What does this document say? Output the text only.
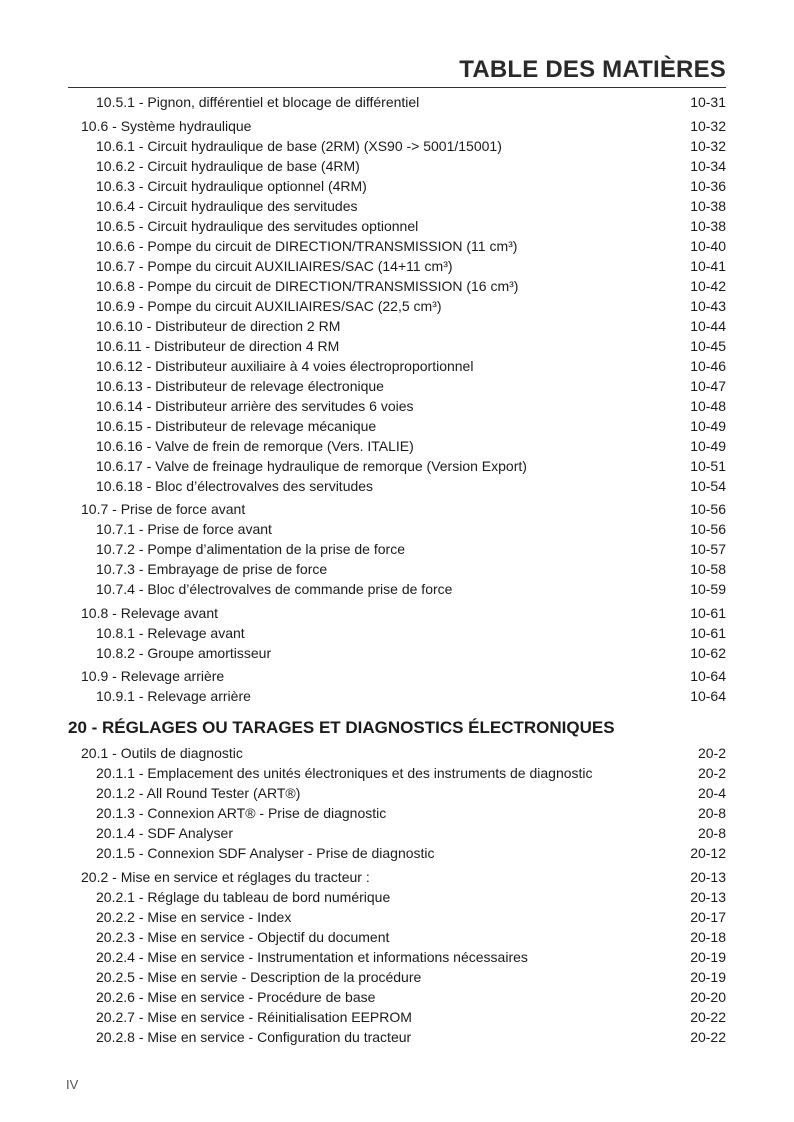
TABLE DES MATIÈRES
10.5.1 - Pignon, différentiel et blocage de différentiel	10-31
10.6 - Système hydraulique	10-32
10.6.1 - Circuit hydraulique de base (2RM) (XS90 -> 5001/15001)	10-32
10.6.2 - Circuit hydraulique de base (4RM)	10-34
10.6.3 - Circuit hydraulique optionnel (4RM)	10-36
10.6.4 - Circuit hydraulique des servitudes	10-38
10.6.5 - Circuit hydraulique des servitudes optionnel	10-38
10.6.6 - Pompe du circuit de DIRECTION/TRANSMISSION (11 cm³)	10-40
10.6.7 - Pompe du circuit AUXILIAIRES/SAC (14+11 cm³)	10-41
10.6.8 - Pompe du circuit de DIRECTION/TRANSMISSION (16 cm³)	10-42
10.6.9 - Pompe du circuit AUXILIAIRES/SAC (22,5 cm³)	10-43
10.6.10 - Distributeur de direction 2 RM	10-44
10.6.11 - Distributeur de direction 4 RM	10-45
10.6.12 - Distributeur auxiliaire à 4 voies électroproportionnel	10-46
10.6.13 - Distributeur de relevage électronique	10-47
10.6.14 - Distributeur arrière des servitudes 6 voies	10-48
10.6.15 - Distributeur de relevage mécanique	10-49
10.6.16 - Valve de frein de remorque (Vers. ITALIE)	10-49
10.6.17 - Valve de freinage hydraulique de remorque (Version Export)	10-51
10.6.18 - Bloc d’électrovalves des servitudes	10-54
10.7 - Prise de force avant	10-56
10.7.1 - Prise de force avant	10-56
10.7.2 - Pompe d’alimentation de la prise de force	10-57
10.7.3 - Embrayage de prise de force	10-58
10.7.4 - Bloc d’électrovalves de commande prise de force	10-59
10.8 - Relevage avant	10-61
10.8.1 - Relevage avant	10-61
10.8.2 - Groupe amortisseur	10-62
10.9 - Relevage arrière	10-64
10.9.1 - Relevage arrière	10-64
20 - RÉGLAGES OU TARAGES ET DIAGNOSTICS ÉLECTRONIQUES
20.1 - Outils de diagnostic	20-2
20.1.1 - Emplacement des unités électroniques et des instruments de diagnostic	20-2
20.1.2 - All Round Tester (ART®)	20-4
20.1.3 - Connexion ART® - Prise de diagnostic	20-8
20.1.4 - SDF Analyser	20-8
20.1.5 - Connexion SDF Analyser - Prise de diagnostic	20-12
20.2 - Mise en service et réglages du tracteur :	20-13
20.2.1 - Réglage du tableau de bord numérique	20-13
20.2.2 - Mise en service - Index	20-17
20.2.3 - Mise en service - Objectif du document	20-18
20.2.4 - Mise en service - Instrumentation et informations nécessaires	20-19
20.2.5 - Mise en servie - Description de la procédure	20-19
20.2.6 - Mise en service - Procédure de base	20-20
20.2.7 - Mise en service - Réinitialisation EEPROM	20-22
20.2.8 - Mise en service - Configuration du tracteur	20-22
IV
